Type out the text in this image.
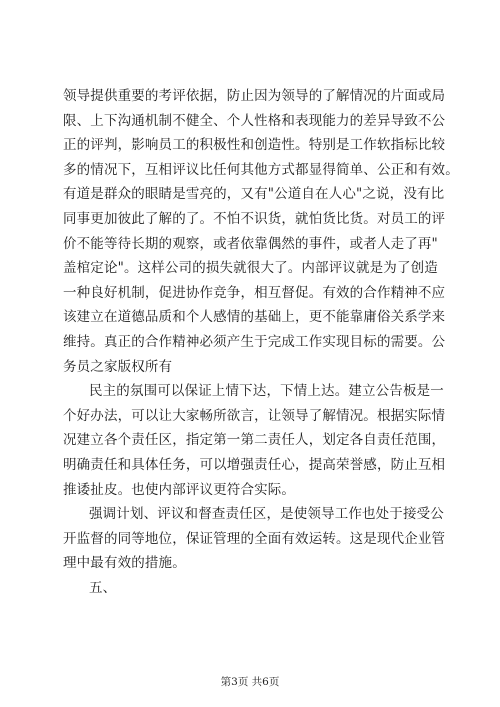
领导提供重要的考评依据，防止因为领导的了解情况的片面或局
限、上下沟通机制不健全、个人性格和表现能力的差异导致不公
正的评判，影响员工的积极性和创造性。特别是工作软指标比较
多的情况下，互相评议比任何其他方式都显得简单、公正和有效。
有道是群众的眼睛是雪亮的，又有"公道自在人心"之说，没有比
同事更加彼此了解的了。不怕不识货，就怕货比货。对员工的评
价不能等待长期的观察，或者依靠偶然的事件，或者人走了再"
盖棺定论"。这样公司的损失就很大了。内部评议就是为了创造
一种良好机制，促进协作竞争，相互督促。有效的合作精神不应
该建立在道德品质和个人感情的基础上，更不能靠庸俗关系学来
维持。真正的合作精神必须产生于完成工作实现目标的需要。公
务员之家版权所有

民主的氛围可以保证上情下达，下情上达。建立公告板是一
个好办法，可以让大家畅所欲言，让领导了解情况。根据实际情
况建立各个责任区，指定第一第二责任人，划定各自责任范围，
明确责任和具体任务，可以增强责任心，提高荣誉感，防止互相
推诿扯皮。也使内部评议更符合实际。

强调计划、评议和督查责任区，是使领导工作也处于接受公
开监督的同等地位，保证管理的全面有效运转。这是现代企业管
理中最有效的措施。

五、

第3页 共6页
